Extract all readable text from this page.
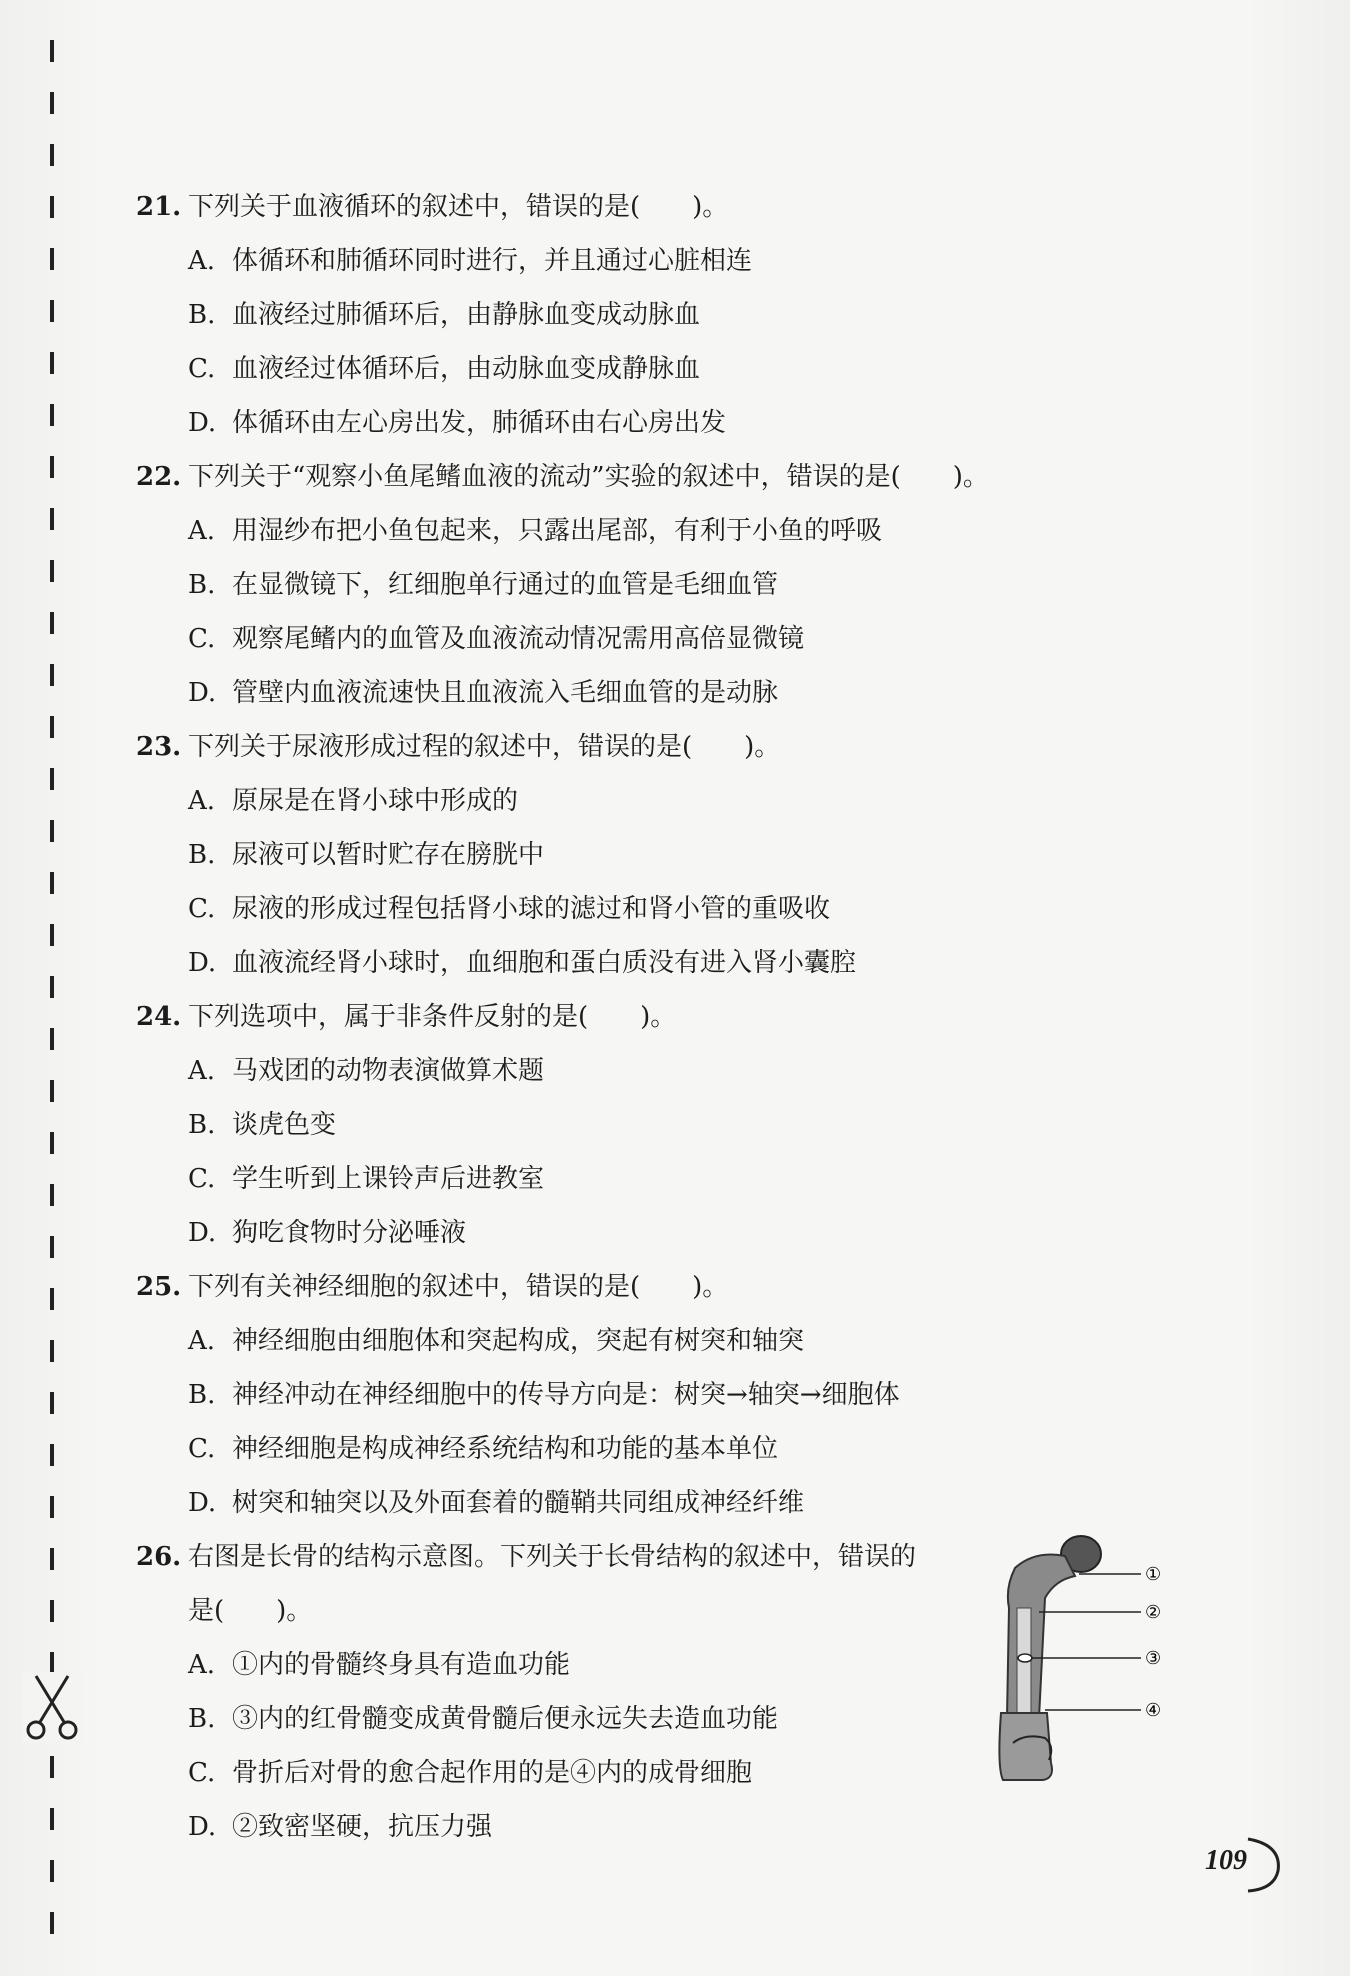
21. 下列关于血液循环的叙述中，错误的是(　　)。
A. 体循环和肺循环同时进行，并且通过心脏相连
B. 血液经过肺循环后，由静脉血变成动脉血
C. 血液经过体循环后，由动脉血变成静脉血
D. 体循环由左心房出发，肺循环由右心房出发
22. 下列关于“观察小鱼尾鳍血液的流动”实验的叙述中，错误的是(　　)。
A. 用湿纱布把小鱼包起来，只露出尾部，有利于小鱼的呼吸
B. 在显微镜下，红细胞单行通过的血管是毛细血管
C. 观察尾鳍内的血管及血液流动情况需用高倍显微镜
D. 管壁内血液流速快且血液流入毛细血管的是动脉
23. 下列关于尿液形成过程的叙述中，错误的是(　　)。
A. 原尿是在肾小球中形成的
B. 尿液可以暂时贮存在膀胱中
C. 尿液的形成过程包括肾小球的滤过和肾小管的重吸收
D. 血液流经肾小球时，血细胞和蛋白质没有进入肾小囊腔
24. 下列选项中，属于非条件反射的是(　　)。
A. 马戏团的动物表演做算术题
B. 谈虎色变
C. 学生听到上课铃声后进教室
D. 狗吃食物时分泌唾液
25. 下列有关神经细胞的叙述中，错误的是(　　)。
A. 神经细胞由细胞体和突起构成，突起有树突和轴突
B. 神经冲动在神经细胞中的传导方向是：树突→轴突→细胞体
C. 神经细胞是构成神经系统结构和功能的基本单位
D. 树突和轴突以及外面套着的髓鞘共同组成神经纤维
26. 右图是长骨的结构示意图。下列关于长骨结构的叙述中，错误的
是(　　)。
A. ①内的骨髓终身具有造血功能
B. ③内的红骨髓变成黄骨髓后便永远失去造血功能
C. 骨折后对骨的愈合起作用的是④内的成骨细胞
D. ②致密坚硬，抗压力强
①
②
③
④
109
